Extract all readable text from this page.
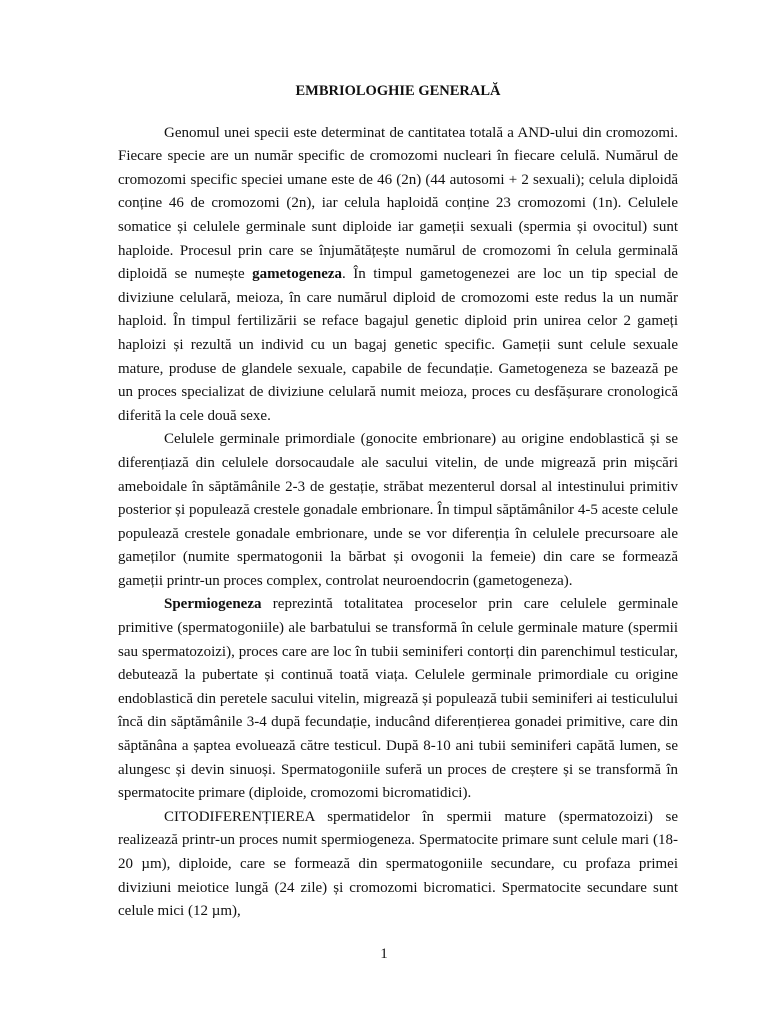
EMBRIOLOGHIE GENERALĂ

Genomul unei specii este determinat de cantitatea totală a AND-ului din cromozomi. Fiecare specie are un număr specific de cromozomi nucleari în fiecare celulă. Numărul de cromozomi specific speciei umane este de 46 (2n) (44 autosomi + 2 sexuali); celula diploidă conține 46 de cromozomi (2n), iar celula haploidă conține 23 cromozomi (1n). Celulele somatice și celulele germinale sunt diploide iar gameții sexuali (spermia și ovocitul) sunt haploide. Procesul prin care se înjumătățește numărul de cromozomi în celula germinală diploidă se numește gametogeneza. În timpul gametogenezei are loc un tip special de diviziune celulară, meioza, în care numărul diploid de cromozomi este redus la un număr haploid. În timpul fertilizării se reface bagajul genetic diploid prin unirea celor 2 gameți haploizi și rezultă un individ cu un bagaj genetic specific. Gameții sunt celule sexuale mature, produse de glandele sexuale, capabile de fecundație. Gametogeneza se bazează pe un proces specializat de diviziune celulară numit meioza, proces cu desfășurare cronologică diferită la cele două sexe.

Celulele germinale primordiale (gonocite embrionare) au origine endoblastică și se diferențiază din celulele dorsocaudale ale sacului vitelin, de unde migrează prin mișcări ameboidale în săptămânile 2-3 de gestație, străbat mezenterul dorsal al intestinului primitiv posterior și populează crestele gonadale embrionare. În timpul săptămânilor 4-5 aceste celule populează crestele gonadale embrionare, unde se vor diferenția în celulele precursoare ale gameților (numite spermatogonii la bărbat și ovogonii la femeie) din care se formează gameții printr-un proces complex, controlat neuroendocrin (gametogeneza).

Spermiogeneza reprezintă totalitatea proceselor prin care celulele germinale primitive (spermatogoniile) ale barbatului se transformă în celule germinale mature (spermii sau spermatozoizi), proces care are loc în tubii seminiferi contorți din parenchimul testicular, debutează la pubertate și continuă toată viața. Celulele germinale primordiale cu origine endoblastică din peretele sacului vitelin, migrează și populează tubii seminiferi ai testiculului încă din săptămânile 3-4 după fecundație, inducând diferențierea gonadei primitive, care din săptănâna a șaptea evoluează către testicul. După 8-10 ani tubii seminiferi capătă lumen, se alungesc și devin sinuoși. Spermatogoniile suferă un proces de creștere și se transformă în spermatocite primare (diploide, cromozomi bicromatidici).

CITODIFERENȚIEREA spermatidelor în spermii mature (spermatozoizi) se realizează printr-un proces numit spermiogeneza. Spermatocite primare sunt celule mari (18-20 µm), diploide, care se formează din spermatogoniile secundare, cu profaza primei diviziuni meiotice lungă (24 zile) și cromozomi bicromatici. Spermatocite secundare sunt celule mici (12 µm),

1
